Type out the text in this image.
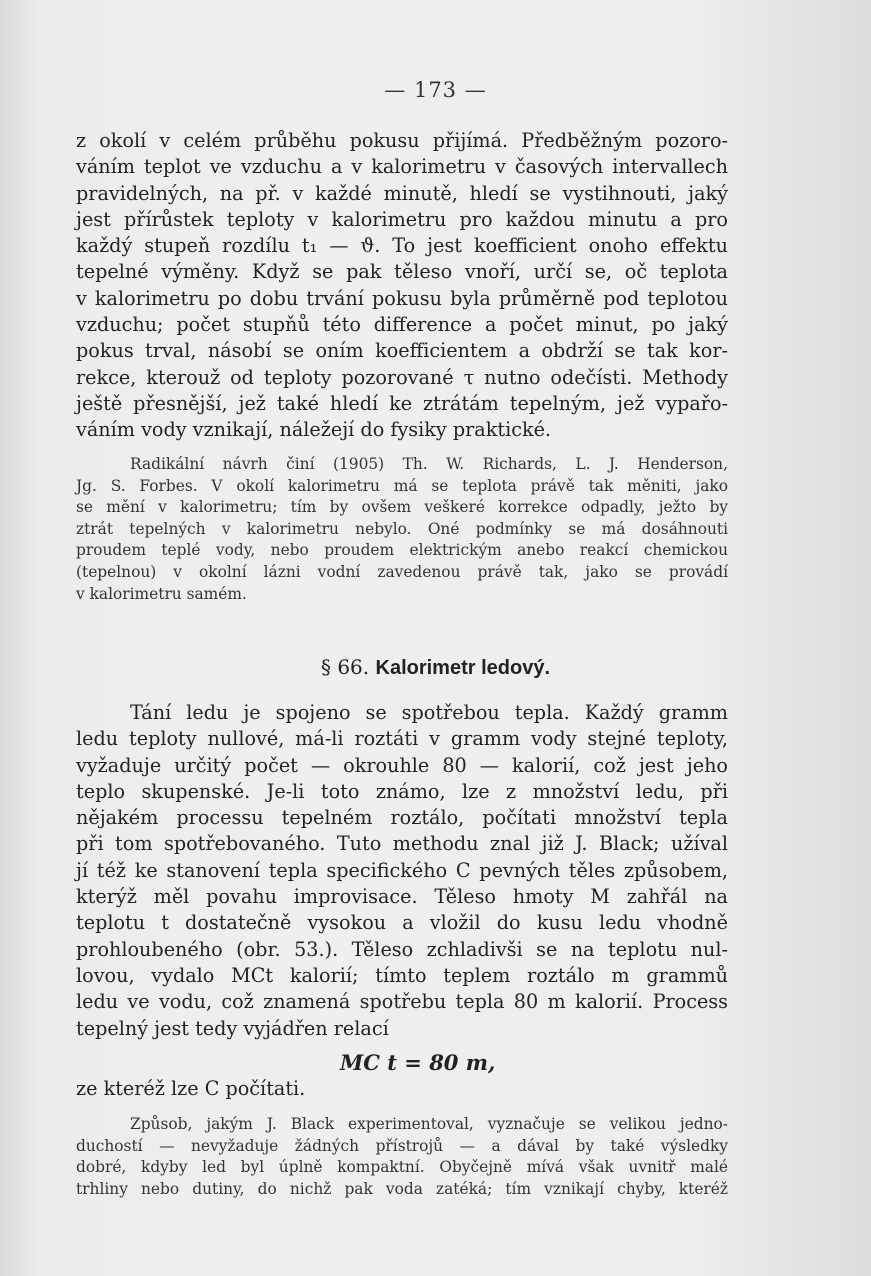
— 173 —
z okolí v celém průběhu pokusu přijímá. Předběžným pozoro-
váním teplot ve vzduchu a v kalorimetru v časových intervallech
pravidelných, na př. v každé minutě, hledí se vystihnouti, jaký
jest přírůstek teploty v kalorimetru pro každou minutu a pro
každý stupeň rozdílu t₁ — ϑ. To jest koefficient onoho effektu
tepelné výměny. Když se pak těleso vnoří, určí se, oč teplota
v kalorimetru po dobu trvání pokusu byla průměrně pod teplotou
vzduchu; počet stupňů této difference a počet minut, po jaký
pokus trval, násobí se oním koefficientem a obdrží se tak kor-
rekce, kterouž od teploty pozorované τ nutno odečísti. Methody
ještě přesnější, jež také hledí ke ztrátám tepelným, jež vypařo-
váním vody vznikají, náležejí do fysiky praktické.
Radikální návrh činí (1905) Th. W. Richards, L. J. Henderson,
Jg. S. Forbes. V okolí kalorimetru má se teplota právě tak měniti, jako
se mění v kalorimetru; tím by ovšem veškeré korrekce odpadly, ježto by
ztrát tepelných v kalorimetru nebylo. Oné podmínky se má dosáhnouti
proudem teplé vody, nebo proudem elektrickým anebo reakcí chemickou
(tepelnou) v okolní lázni vodní zavedenou právě tak, jako se provádí
v kalorimetru samém.
§ 66. Kalorimetr ledový.
Tání ledu je spojeno se spotřebou tepla. Každý gramm
ledu teploty nullové, má-li roztáti v gramm vody stejné teploty,
vyžaduje určitý počet — okrouhle 80 — kalorií, což jest jeho
teplo skupenské. Je-li toto známo, lze z množství ledu, při
nějakém processu tepelném roztálo, počítati množství tepla
při tom spotřebovaného. Tuto methodu znal již J. Black; užíval
jí též ke stanovení tepla specifického C pevných těles způsobem,
kterýž měl povahu improvisace. Těleso hmoty M zahřál na
teplotu t dostatečně vysokou a vložil do kusu ledu vhodně
prohloubeného (obr. 53.). Těleso zchladivši se na teplotu nul-
lovou, vydalo MCt kalorií; tímto teplem roztálo m grammů
ledu ve vodu, což znamená spotřebu tepla 80 m kalorií. Process
tepelný jest tedy vyjádřen relací
MC t = 80 m,
ze kteréž lze C počítati.
Způsob, jakým J. Black experimentoval, vyznačuje se velikou jedno-
duchostí — nevyžaduje žádných přístrojů — a dával by také výsledky
dobré, kdyby led byl úplně kompaktní. Obyčejně mívá však uvnitř malé
trhliny nebo dutiny, do nichž pak voda zatéká; tím vznikají chyby, kteréž
